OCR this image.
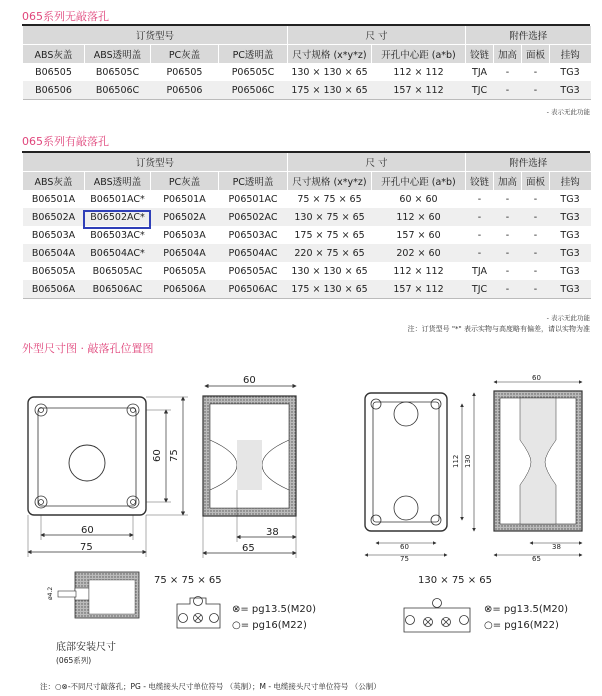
065系列无敲落孔
订货型号				尺 寸		附件选择			
ABS灰盖	ABS透明盖	PC灰盖	PC透明盖	尺寸规格 (x*y*z)	开孔中心距 (a*b)	铰链	加高	面板	挂钩
B06505	B06505C	P06505	P06505C	130 × 130 × 65	112 × 112	TJA	-	-	TG3
B06506	B06506C	P06506	P06506C	175 × 130 × 65	157 × 112	TJC	-	-	TG3
- 表示无此功能
065系列有敲落孔
订货型号				尺 寸		附件选择			
ABS灰盖	ABS透明盖	PC灰盖	PC透明盖	尺寸规格 (x*y*z)	开孔中心距 (a*b)	铰链	加高	面板	挂钩
B06501A	B06501AC*	P06501A	P06501AC	75 × 75 × 65	60 × 60	-	-	-	TG3
B06502A	B06502AC*	P06502A	P06502AC	130 × 75 × 65	112 × 60	-	-	-	TG3
B06503A	B06503AC*	P06503A	P06503AC	175 × 75 × 65	157 × 60	-	-	-	TG3
B06504A	B06504AC*	P06504A	P06504AC	220 × 75 × 65	202 × 60	-	-	-	TG3
B06505A	B06505AC	P06505A	P06505AC	130 × 130 × 65	112 × 112	TJA	-	-	TG3
B06506A	B06506AC	P06506A	P06506AC	175 × 130 × 65	157 × 112	TJC	-	-	TG3
- 表示无此功能
注：订货型号 "*" 表示实物与高度略有偏差，请以实物为准
外型尺寸图 · 敲落孔位置图
60
75
60 75
60
38
65	60
75
112 130
60
38
65
ø4.2
75 × 75 × 65	130 × 75 × 65
⊗= pg13.5(M20)
○= pg16(M22)
⊗= pg13.5(M20)
○= pg16(M22)
底部安装尺寸
(065系列)
注：○⊗-不同尺寸敲落孔；PG - 电缆接头尺寸单位符号 （英制）；M - 电缆接头尺寸单位符号 （公制）
